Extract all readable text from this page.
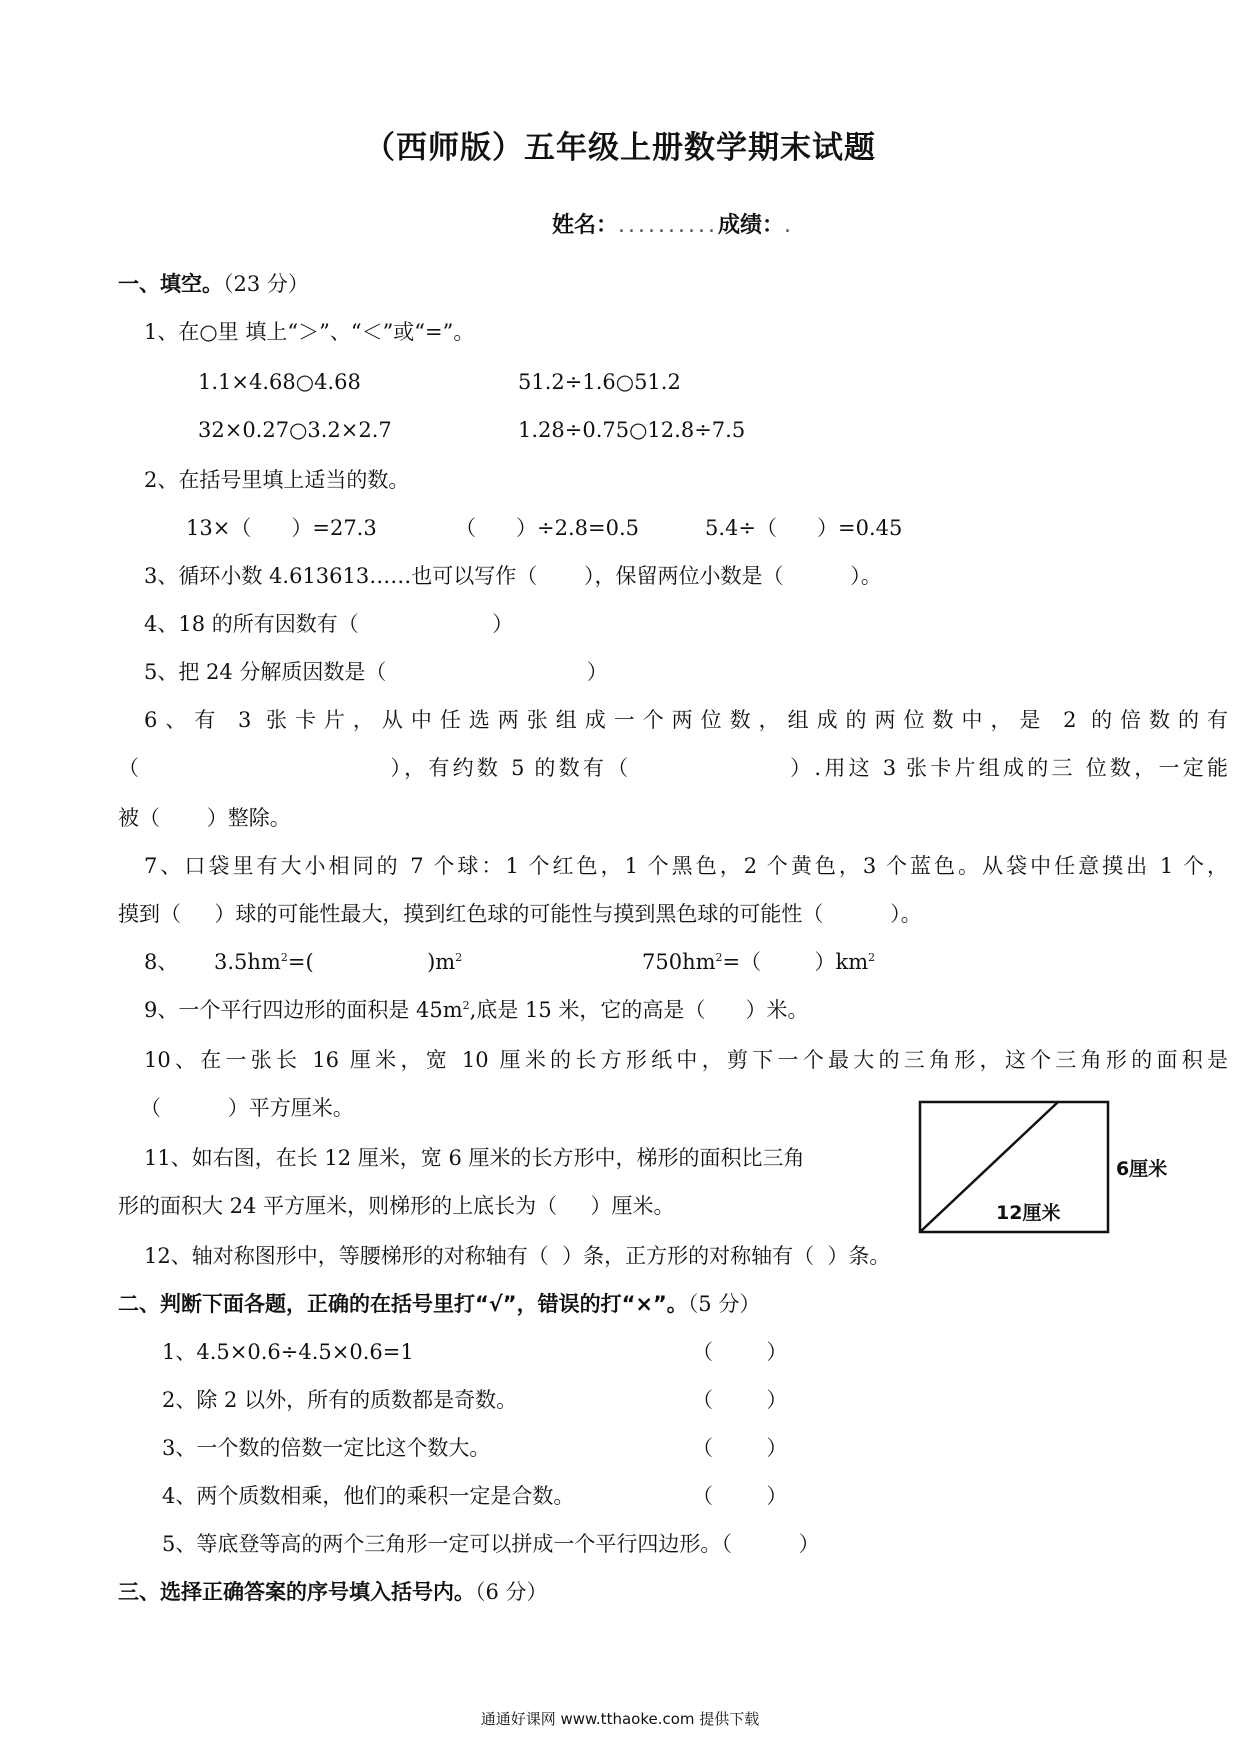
（西师版）五年级上册数学期末试题
姓名：..........成绩：.
一、填空。（23 分）
1、在○里 填上“＞”、“＜”或“=”。
1.1×4.68○4.68	51.2÷1.6○51.2
32×0.27○3.2×2.7	1.28÷0.75○12.8÷7.5
2、在括号里填上适当的数。
13×（      ）=27.3	（      ）÷2.8=0.5	5.4÷（      ）=0.45
3、循环小数 4.613613……也可以写作（       ），保留两位小数是（          ）。
4、18 的所有因数有（                    ）
5、把 24 分解质因数是（                              ）
6、有 3 张卡片，从中任选两张组成一个两位数，组成的两位数中，是 2 的倍数的有
（                         ），有约数 5 的数有（                ）.用这 3 张卡片组成的三 位数，一定能
被（       ）整除。
7、口袋里有大小相同的 7 个球：1 个红色，1 个黑色，2 个黄色，3 个蓝色。从袋中任意摸出 1 个，
摸到（     ）球的可能性最大，摸到红色球的可能性与摸到黑色球的可能性（          ）。
8、 $3.5hm^2=$(                 )$m^2$	$750hm^2=$（        ）$km^2$
9、一个平行四边形的面积是 $45m^2$,底是 15 米，它的高是（      ）米。
10、在一张长 16 厘米，宽 10 厘米的长方形纸中，剪下一个最大的三角形，这个三角形的面积是
（          ）平方厘米。
11、如右图，在长 12 厘米，宽 6 厘米的长方形中，梯形的面积比三角
形的面积大 24 平方厘米，则梯形的上底长为（     ）厘米。	12厘米
6厘米
12、轴对称图形中，等腰梯形的对称轴有（  ）条，正方形的对称轴有（  ）条。
二、判断下面各题，正确的在括号里打“√”，错误的打“×”。（5 分）
1、4.5×0.6÷4.5×0.6=1	（        ）
2、除 2 以外，所有的质数都是奇数。	（        ）
3、一个数的倍数一定比这个数大。	（        ）
4、两个质数相乘，他们的乘积一定是合数。	（        ）
5、等底登等高的两个三角形一定可以拼成一个平行四边形。（          ）
三、选择正确答案的序号填入括号内。（6 分）
通通好课网 www.tthaoke.com 提供下载
